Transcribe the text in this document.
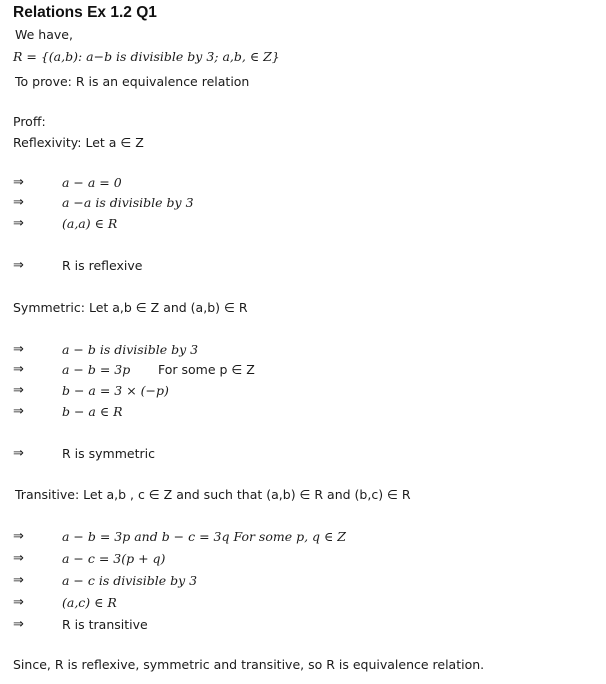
Relations Ex 1.2 Q1
We have,
R = {(a,b): a−b is divisible by 3; a,b, ∈ Z}
To prove: R is an equivalence relation
Proff:
Reflexivity: Let a ∈ Z
⇒	a − a = 0
⇒	a −a is divisible by 3
⇒	(a,a) ∈ R
⇒	R is reflexive
Symmetric: Let a,b ∈ Z and (a,b) ∈ R
⇒	a − b is divisible by 3
⇒	a − b = 3p For some p ∈ Z
⇒	b − a = 3 × (−p)
⇒	b − a ∈ R
⇒	R is symmetric
Transitive: Let a,b , c ∈ Z and such that (a,b) ∈ R and (b,c) ∈ R
⇒	a − b = 3p and b − c = 3q For some p, q ∈ Z
⇒	a − c = 3(p + q)
⇒	a − c is divisible by 3
⇒	(a,c) ∈ R
⇒	R is transitive
Since, R is reflexive, symmetric and transitive, so R is equivalence relation.
